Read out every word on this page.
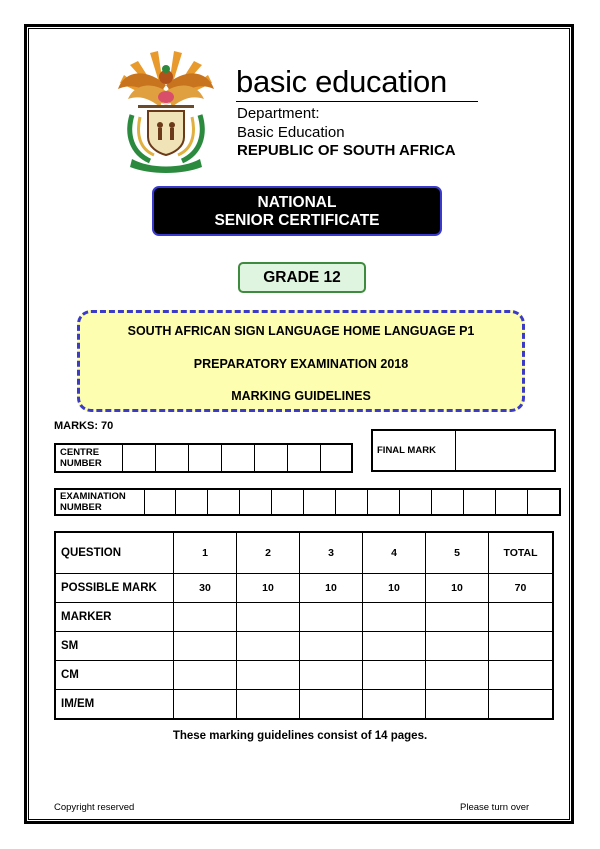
basic education
Department:
Basic Education
REPUBLIC OF SOUTH AFRICA
NATIONAL
SENIOR CERTIFICATE
GRADE 12
SOUTH AFRICAN SIGN LANGUAGE HOME LANGUAGE P1
PREPARATORY EXAMINATION 2018
MARKING GUIDELINES
MARKS: 70
CENTRE
NUMBER

FINAL MARK	
EXAMINATION
NUMBER

QUESTION	1	2	3	4	5	TOTAL
POSSIBLE MARK	30	10	10	10	10	70
MARKER						
SM						
CM						
IM/EM						
These marking guidelines consist of 14 pages.
Copyright reserved	Please turn over
